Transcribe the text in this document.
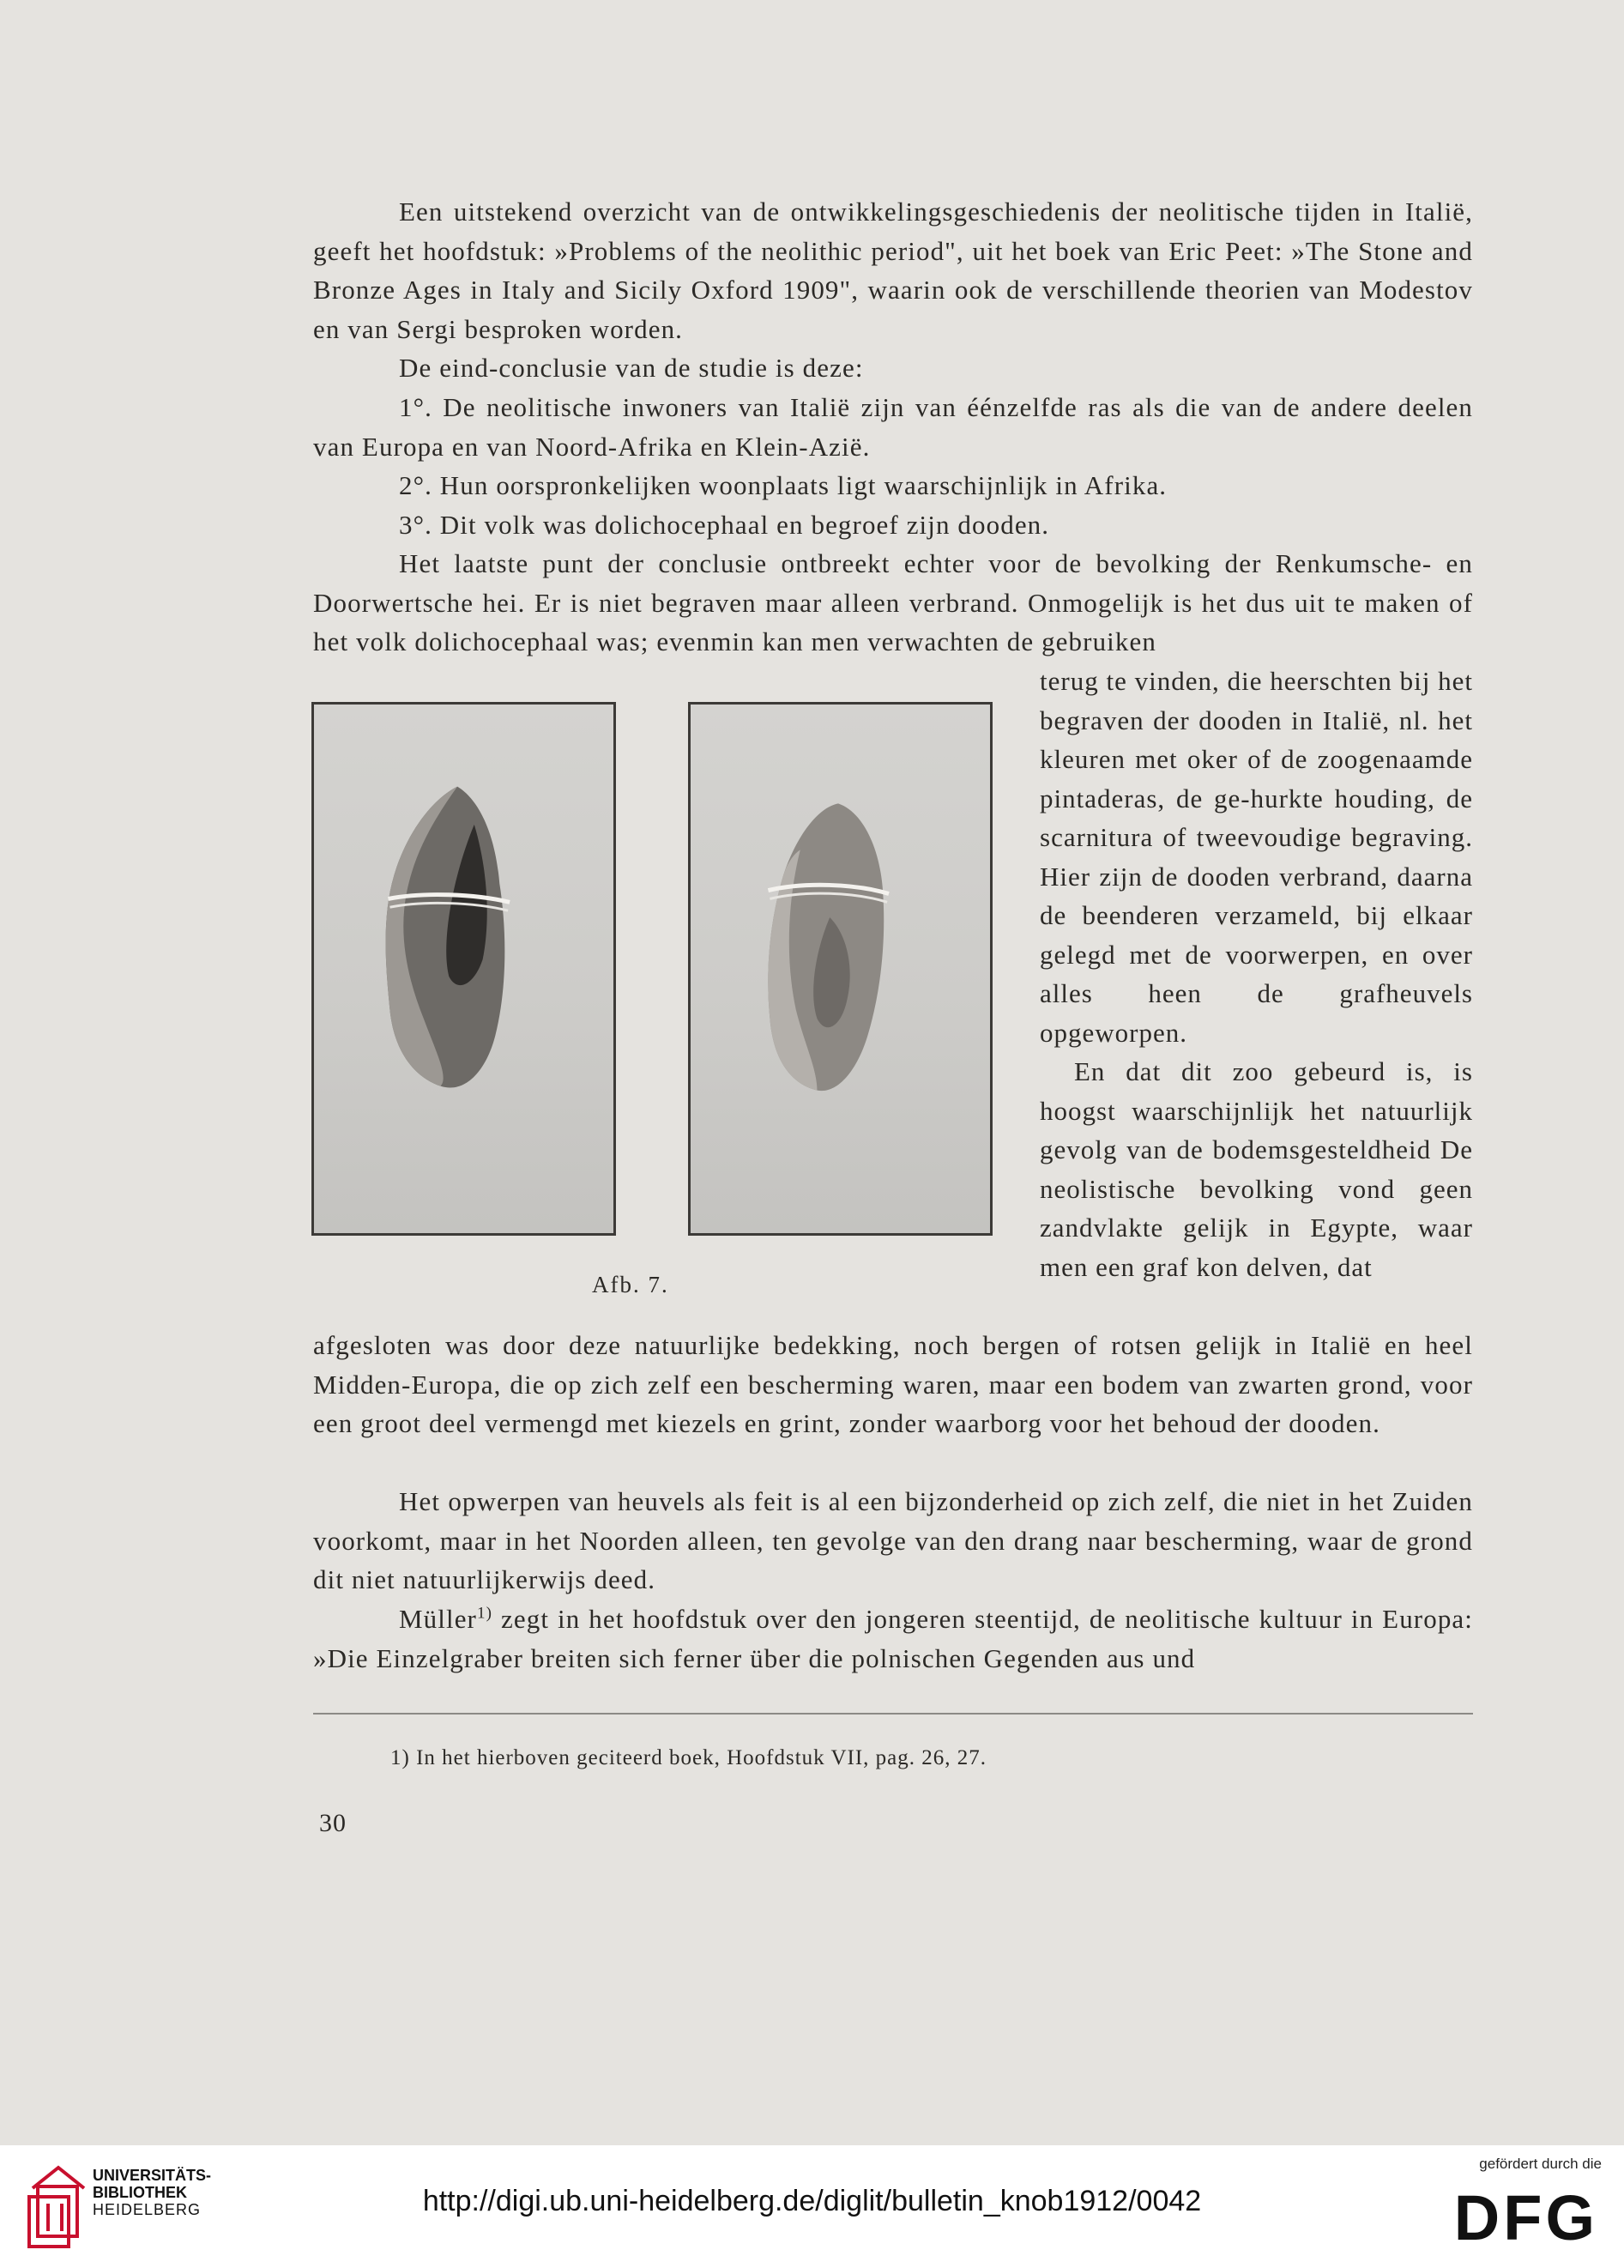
Een uitstekend overzicht van de ontwikkelingsgeschiedenis der neolitische tijden in Italië, geeft het hoofdstuk: »Problems of the neolithic period", uit het boek van Eric Peet: »The Stone and Bronze Ages in Italy and Sicily Oxford 1909", waarin ook de verschillende theorien van Modestov en van Sergi besproken worden.

De eind-conclusie van de studie is deze:

1°. De neolitische inwoners van Italië zijn van éénzelfde ras als die van de andere deelen van Europa en van Noord-Afrika en Klein-Azië.

2°. Hun oorspronkelijken woonplaats ligt waarschijnlijk in Afrika.

3°. Dit volk was dolichocephaal en begroef zijn dooden.

Het laatste punt der conclusie ontbreekt echter voor de bevolking der Renkumsche- en Doorwertsche hei. Er is niet begraven maar alleen verbrand. Onmogelijk is het dus uit te maken of het volk dolichocephaal was; evenmin kan men verwachten de gebruiken

terug te vinden, die heerschten bij het begraven der dooden in Italië, nl. het kleuren met oker of de zoogenaamde pintaderas, de ge-hurkte houding, de scarnitura of tweevoudige begraving. Hier zijn de dooden verbrand, daarna de beenderen verzameld, bij elkaar gelegd met de voorwerpen, en over alles heen de grafheuvels opgeworpen.

En dat dit zoo gebeurd is, is hoogst waarschijnlijk het natuurlijk gevolg van de bodemsgesteldheid De neolistische bevolking vond geen zandvlakte gelijk in Egypte, waar men een graf kon delven, dat

Afb. 7.

afgesloten was door deze natuurlijke bedekking, noch bergen of rotsen gelijk in Italië en heel Midden-Europa, die op zich zelf een bescherming waren, maar een bodem van zwarten grond, voor een groot deel vermengd met kiezels en grint, zonder waarborg voor het behoud der dooden.

Het opwerpen van heuvels als feit is al een bijzonderheid op zich zelf, die niet in het Zuiden voorkomt, maar in het Noorden alleen, ten gevolge van den drang naar bescherming, waar de grond dit niet natuurlijkerwijs deed.

Müller$^{1)}$ zegt in het hoofdstuk over den jongeren steentijd, de neolitische kultuur in Europa: »Die Einzelgraber breiten sich ferner über die polnischen Gegenden aus und

1) In het hierboven geciteerd boek, Hoofdstuk VII, pag. 26, 27.
30
UNIVERSITÄTS-
BIBLIOTHEK
HEIDELBERG	http://digi.ub.uni-heidelberg.de/diglit/bulletin_knob1912/0042
gefördert durch die
DFG
